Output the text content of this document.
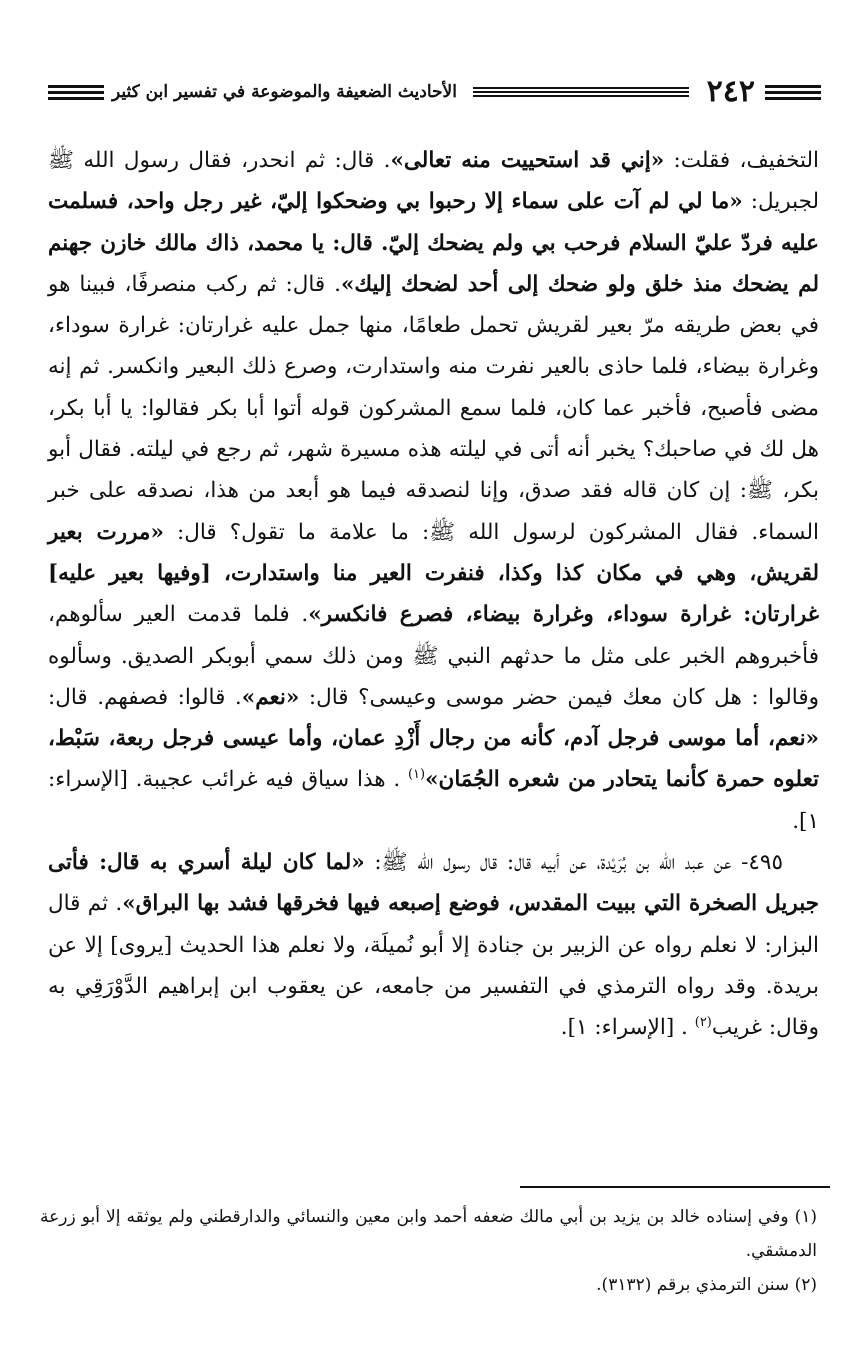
٢٤٢
الأحاديث الضعيفة والموضوعة في تفسير ابن كثير

التخفيف، فقلت: «إني قد استحييت منه تعالى». قال: ثم انحدر، فقال رسول الله ﷺ لجبريل: «ما لي لم آت على سماء إلا رحبوا بي وضحكوا إليّ، غير رجل واحد، فسلمت عليه فردّ عليّ السلام فرحب بي ولم يضحك إليّ. قال: يا محمد، ذاك مالك خازن جهنم لم يضحك منذ خلق ولو ضحك إلى أحد لضحك إليك». قال: ثم ركب منصرفًا، فبينا هو في بعض طريقه مرّ بعير لقريش تحمل طعامًا، منها جمل عليه غرارتان: غرارة سوداء، وغرارة بيضاء، فلما حاذى بالعير نفرت منه واستدارت، وصرع ذلك البعير وانكسر. ثم إنه مضى فأصبح، فأخبر عما كان، فلما سمع المشركون قوله أتوا أبا بكر فقالوا: يا أبا بكر، هل لك في صاحبك؟ يخبر أنه أتى في ليلته هذه مسيرة شهر، ثم رجع في ليلته. فقال أبو بكر، ﷺ: إن كان قاله فقد صدق، وإنا لنصدقه فيما هو أبعد من هذا، نصدقه على خبر السماء. فقال المشركون لرسول الله ﷺ: ما علامة ما تقول؟ قال: «مررت بعير لقريش، وهي في مكان كذا وكذا، فنفرت العير منا واستدارت، [وفيها بعير عليه] غرارتان: غرارة سوداء، وغرارة بيضاء، فصرع فانكسر». فلما قدمت العير سألوهم، فأخبروهم الخبر على مثل ما حدثهم النبي ﷺ ومن ذلك سمي أبوبكر الصديق. وسألوه وقالوا : هل كان معك فيمن حضر موسى وعيسى؟ قال: «نعم». قالوا: فصفهم. قال: «نعم، أما موسى فرجل آدم، كأنه من رجال أَزْدِ عمان، وأما عيسى فرجل ربعة، سَبْط، تعلوه حمرة كأنما يتحادر من شعره الجُمَان»$^{(١)}$ . هذا سياق فيه غرائب عجيبة. [الإسراء: ١].

٤٩٥- عن عبد الله بن بُرَيْدة، عن أبيه قال: قال رسول الله ﷺ: «لما كان ليلة أسري به قال: فأتى جبريل الصخرة التي ببيت المقدس، فوضع إصبعه فيها فخرقها فشد بها البراق». ثم قال البزار: لا نعلم رواه عن الزبير بن جنادة إلا أبو نُميلَة، ولا نعلم هذا الحديث [يروى] إلا عن بريدة. وقد رواه الترمذي في التفسير من جامعه، عن يعقوب ابن إبراهيم الدَّوْرَقِي به وقال: غريب$^{(٢)}$ . [الإسراء: ١].

(١) وفي إسناده خالد بن يزيد بن أبي مالك ضعفه أحمد وابن معين والنسائي والدارقطني ولم يوثقه إلا أبو زرعة الدمشقي.

(٢) سنن الترمذي برقم (٣١٣٢).
